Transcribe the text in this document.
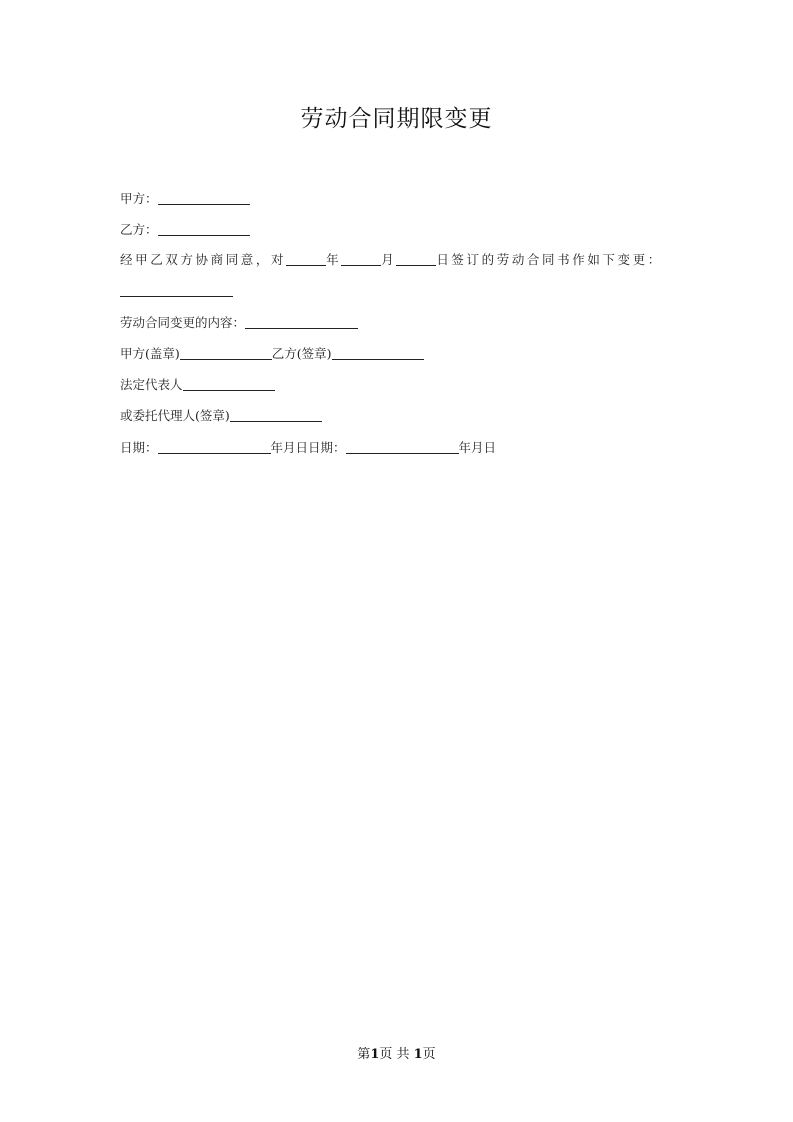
劳动合同期限变更
甲方：
乙方：
经甲乙双方协商同意，对	年	月	日签订的劳动合同书作如下变更：
劳动合同变更的内容：
甲方(盖章)	乙方(签章)
法定代表人
或委托代理人(签章)
日期：	年月日日期：	年月日
第1页 共 1页
